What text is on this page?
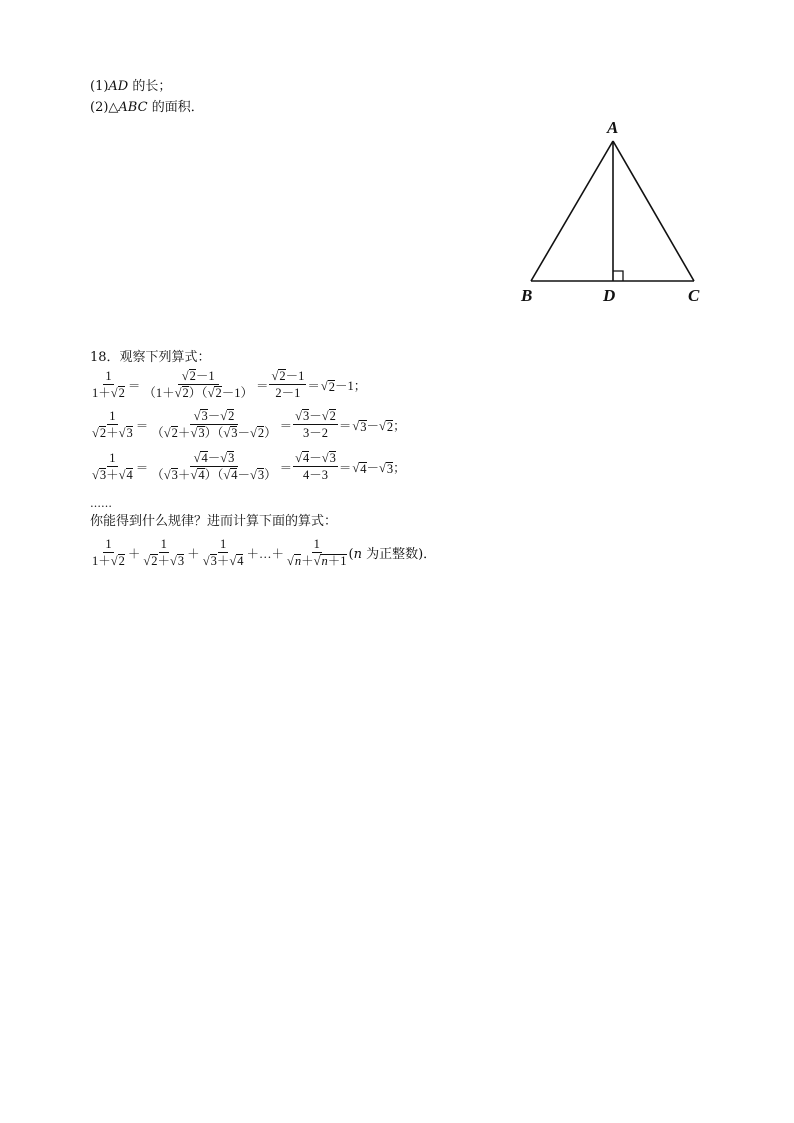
(1)AD 的长；
(2)△ABC 的面积．
A
B	D	C
18．观察下列算式：
$\frac{1}{1+ √ 2} = \frac{√ 2 -1}{(1+ √ 2 )( √ 2 -1)} = \frac{√ 2 -1}{2-1}$ ＝ √ 2 －1；
$\frac{1}{√ 2 + √ 3} = \frac{√ 3 - √ 2}{( √ 2 + √ 3 )( √ 3 - √ 2 )} = \frac{√ 3 - √ 2}{3-2}$ ＝ √ 3 － √ 2 ；
$\frac{1}{√ 3 + √ 4} = \frac{√ 4 - √ 3}{( √ 3 + √ 4 )( √ 4 - √ 3 )} = \frac{√ 4 - √ 3}{4-3}$ ＝ √ 4 － √ 3 ；
……
你能得到什么规律？进而计算下面的算式：
$\frac{1}{1+ √ 2} + \frac{1}{√ 2 + √ 3} + \frac{1}{√ 3 + √ 4}$ ＋…＋ $\frac{1}{√ n + √ n+1} (n$ 为正整数)．
